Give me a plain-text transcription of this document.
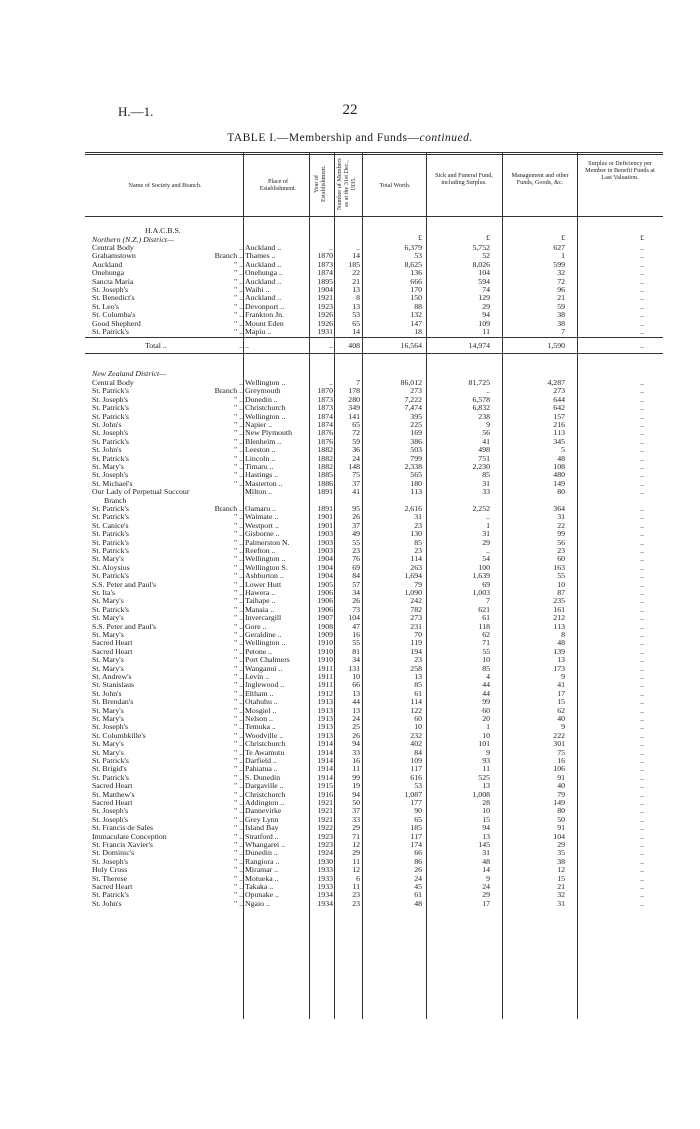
H.—1.	22
TABLE I.—Membership and Funds—continued.
Name of Society and Branch.
Place of Establishment.	Year of Establishment.	Number of Members as at the 31st Dec., 1935.	Total Worth.
Sick and Funeral Fund, including Surplus.
Management and other Funds, Goods, &c.
Surplus or Deficiency per Member in Benefit Funds at Last Valuation.
£	£	£	£
H.A.C.B.S.
Northern (N.Z.) District—
Central Body	.. Auckland ..	..	..	6,379	5,752	627	..
Grahamstown	Branch .. Thames ..	1870	14	53	52	1	..
Auckland	" .. Auckland ..	1873	185	8,625	8,026	599	..
Onehunga	" .. Onehunga ..	1874	22	136	104	32	..
Sancta Maria	" .. Auckland ..	1895	21	666	594	72	..
St. Joseph's	" .. Waihi ..	1904	13	170	74	96	..
St. Benedict's	" .. Auckland ..	1921	8	150	129	21	..
St. Leo's	" .. Devonport ..	1923	13	88	29	59	..
St. Columba's	" .. Frankton Jn.	1926	53	132	94	38	..
Good Shepherd	" .. Mount Eden	1926	65	147	109	38	..
St. Patrick's	" .. Mapiu ..	1931	14	18	11	7	..
Total ..	.. ..	..	408	16,564	14,974	1,590	..
New Zealand District—
Central Body	.. Wellington ..	..	7	86,012	81,725	4,287	..
St. Patrick's	Branch .. Greymouth	1870	178	273	..	273	..
St. Joseph's	" .. Dunedin ..	1873	280	7,222	6,578	644	..
St. Patrick's	" .. Christchurch	1873	349	7,474	6,832	642	..
St. Patrick's	" .. Wellington ..	1874	141	395	238	157	..
St. John's	" .. Napier ..	1874	65	225	9	216	..
St. Joseph's	" .. New Plymouth	1876	72	169	56	113	..
St. Patrick's	" .. Blenheim ..	1876	59	386	41	345	..
St. John's	" .. Leeston ..	1882	36	503	498	5	..
St. Patrick's	" .. Lincoln ..	1882	24	799	751	48	..
St. Mary's	" .. Timaru ..	1882	148	2,338	2,230	108	..
St. Joseph's	" .. Hastings ..	1885	75	565	85	480	..
St. Michael's	" .. Masterton ..	1886	37	180	31	149	..
Our Lady of Perpetual Succour	Milton ..	1891	41	113	33	80	..
Branch
St. Patrick's	Branch .. Oamaru ..	1891	95	2,616	2,252	364	..
St. Patrick's	" .. Waimate ..	1901	26	31	..	31	..
St. Canice's	" .. Westport ..	1901	37	23	1	22	..
St. Patrick's	" .. Gisborne ..	1903	49	130	31	99	..
St. Patrick's	" .. Palmerston N.	1903	55	85	29	56	..
St. Patrick's	" .. Reefton ..	1903	23	23	..	23	..
St. Mary's	" .. Wellington ..	1904	76	114	54	60	..
St. Aloysius	" .. Wellington S.	1904	69	263	100	163	..
St. Patrick's	" .. Ashburton ..	1904	84	1,694	1,639	55	..
S.S. Peter and Paul's	" .. Lower Hutt	1905	57	79	69	10	..
St. Ita's	" .. Hawera ..	1906	34	1,090	1,003	87	..
St. Mary's	" .. Taihape ..	1906	26	242	7	235	..
St. Patrick's	" .. Manaia ..	1906	73	782	621	161	..
St. Mary's	" .. Invercargill	1907	104	273	61	212	..
S.S. Peter and Paul's	" .. Gore ..	1908	47	231	118	113	..
St. Mary's	" .. Geraldine ..	1909	16	70	62	8	..
Sacred Heart	" .. Wellington ..	1910	55	119	71	48	..
Sacred Heart	" .. Petone ..	1910	81	194	55	139	..
St. Mary's	" .. Port Chalmers	1910	34	23	10	13	..
St. Mary's	" .. Wanganui ..	1911	131	258	85	173	..
St. Andrew's	" .. Levin ..	1911	10	13	4	9	..
St. Stanislaus	" .. Inglewood ..	1911	66	85	44	41	..
St. John's	" .. Eltham ..	1912	13	61	44	17	..
St. Brendan's	" .. Otahuhu ..	1913	44	114	99	15	..
St. Mary's	" .. Mosgiel ..	1913	13	122	60	62	..
St. Mary's	" .. Nelson ..	1913	24	60	20	40	..
St. Joseph's	" .. Temuka ..	1913	25	10	1	9	..
St. Columbkille's	" .. Woodville ..	1913	26	232	10	222	..
St. Mary's	" .. Christchurch	1914	94	402	101	301	..
St. Mary's	" .. Te Awamutu	1914	33	84	9	75	..
St. Patrick's	" .. Darfield ..	1914	16	109	93	16	..
St. Brigid's	" .. Pahiatua ..	1914	11	117	11	106	..
St. Patrick's	" .. S. Dunedin	1914	99	616	525	91	..
Sacred Heart	" .. Dargaville ..	1915	19	53	13	40	..
St. Matthew's	" .. Christchurch	1916	94	1,087	1,008	79	..
Sacred Heart	" .. Addington ..	1921	50	177	28	149	..
St. Joseph's	" .. Dannevirke	1921	37	90	10	80	..
St. Joseph's	" .. Grey Lynn	1921	33	65	15	50	..
St. Francis de Sales	" .. Island Bay	1922	29	185	94	91	..
Immaculate Conception	" .. Stratford ..	1923	71	117	13	104	..
St. Francis Xavier's	" .. Whangarei ..	1923	12	174	145	29	..
St. Dominic's	" .. Dunedin ..	1924	29	66	31	35	..
St. Joseph's	" .. Rangiora ..	1930	11	86	48	38	..
Holy Cross	" .. Miramar ..	1933	12	26	14	12	..
St. Therese	" .. Motueka ..	1933	6	24	9	15	..
Sacred Heart	" .. Takaka ..	1933	11	45	24	21	..
St. Patrick's	" .. Opunake ..	1934	23	61	29	32	..
St. John's	" .. Ngaio ..	1934	23	48	17	31	..
